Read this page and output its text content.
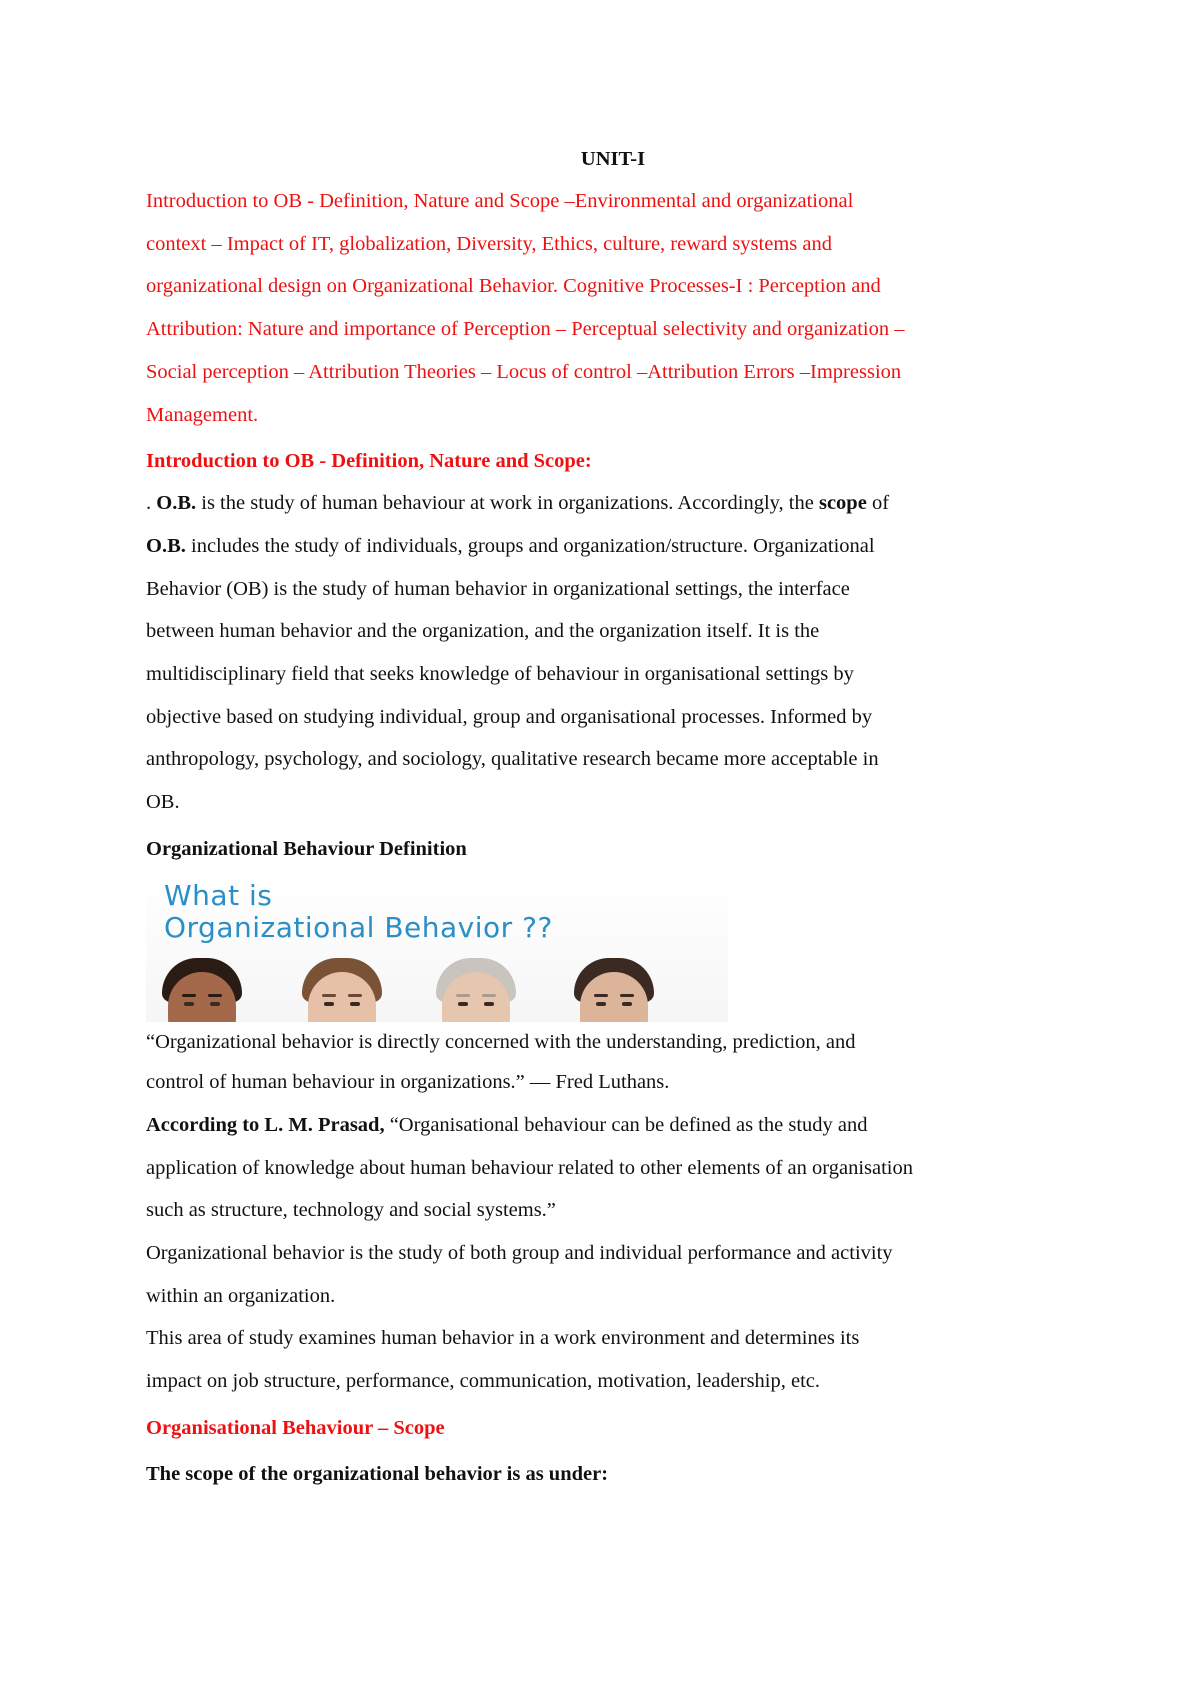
UNIT-I

Introduction to OB - Definition, Nature and Scope –Environmental and organizational
context – Impact of IT, globalization, Diversity, Ethics, culture, reward systems and
organizational design on Organizational Behavior. Cognitive Processes-I : Perception and
Attribution: Nature and importance of Perception – Perceptual selectivity and organization –
Social perception – Attribution Theories – Locus of control –Attribution Errors –Impression
Management.

Introduction to OB - Definition, Nature and Scope:

. O.B. is the study of human behaviour at work in organizations. Accordingly, the scope of
O.B. includes the study of individuals, groups and organization/structure. Organizational
Behavior (OB) is the study of human behavior in organizational settings, the interface
between human behavior and the organization, and the organization itself. It is the
multidisciplinary field that seeks knowledge of behaviour in organisational settings by
objective based on studying individual, group and organisational processes. Informed by
anthropology, psychology, and sociology, qualitative research became more acceptable in
OB.

Organizational Behaviour Definition

What is
Organizational Behavior ??
“Organizational behavior is directly concerned with the understanding, prediction, and
control of human behaviour in organizations.” — Fred Luthans.
According to L. M. Prasad, “Organisational behaviour can be defined as the study and
application of knowledge about human behaviour related to other elements of an organisation
such as structure, technology and social systems.”
Organizational behavior is the study of both group and individual performance and activity
within an organization.
This area of study examines human behavior in a work environment and determines its
impact on job structure, performance, communication, motivation, leadership, etc.

Organisational Behaviour – Scope

The scope of the organizational behavior is as under:
